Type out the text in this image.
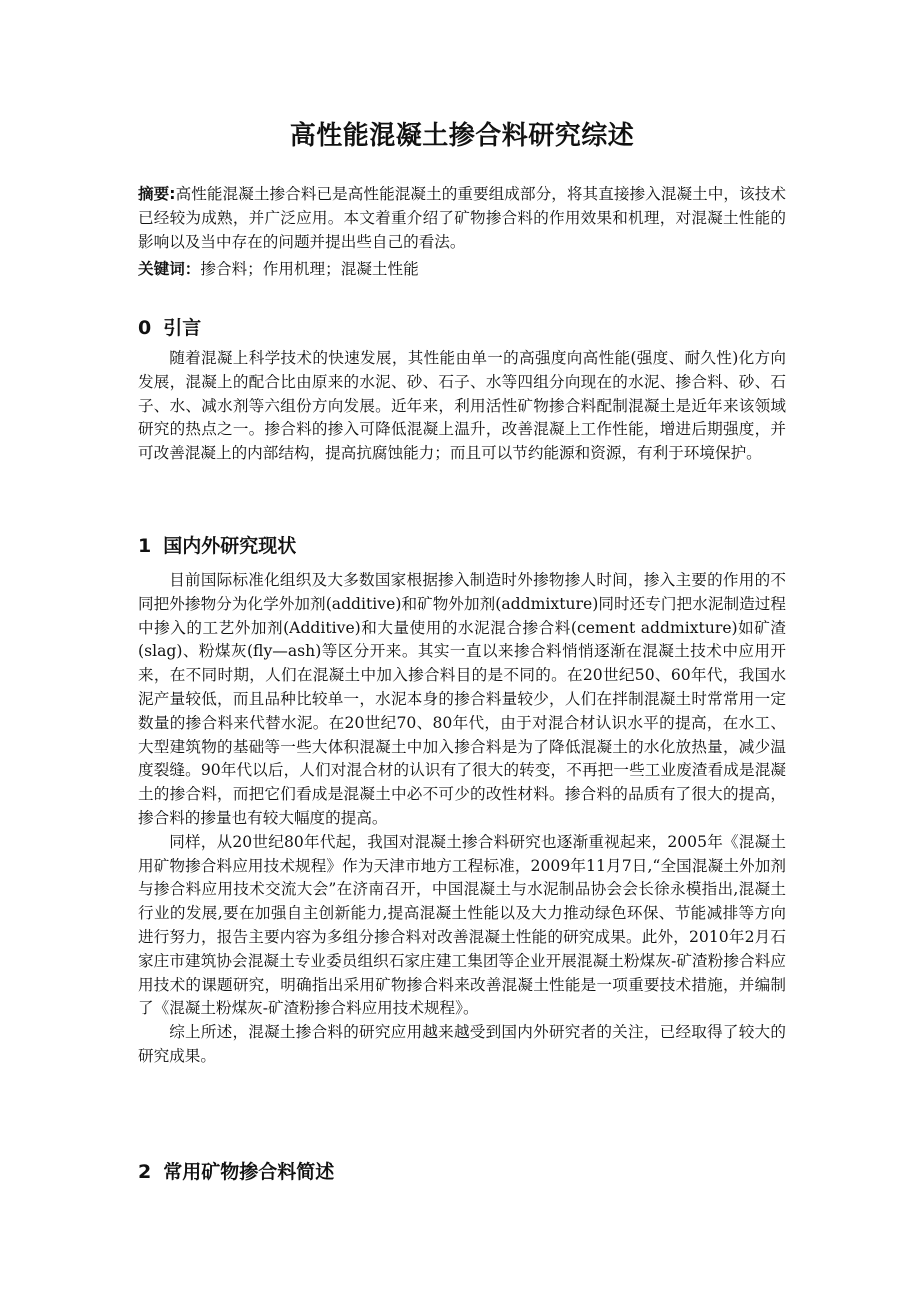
高性能混凝土掺合料研究综述
摘要:高性能混凝土掺合料已是高性能混凝土的重要组成部分，将其直接掺入混凝土中，该技术已经较为成熟，并广泛应用。本文着重介绍了矿物掺合料的作用效果和机理，对混凝土性能的影响以及当中存在的问题并提出些自己的看法。
关键词：掺合料；作用机理；混凝土性能
0 引言

随着混凝上科学技术的快速发展，其性能由单一的高强度向高性能(强度、耐久性)化方向发展，混凝上的配合比由原来的水泥、砂、石子、水等四组分向现在的水泥、掺合料、砂、石子、水、减水剂等六组份方向发展。近年来，利用活性矿物掺合料配制混凝土是近年来该领域研究的热点之一。掺合料的掺入可降低混凝上温升，改善混凝上工作性能，增进后期强度，并可改善混凝上的内部结构，提高抗腐蚀能力；而且可以节约能源和资源，有利于环境保护。

1 国内外研究现状

目前国际标准化组织及大多数国家根据掺入制造时外掺物掺人时间，掺入主要的作用的不同把外掺物分为化学外加剂(additive)和矿物外加剂(addmixture)同时还专门把水泥制造过程中掺入的工艺外加剂(Additive)和大量使用的水泥混合掺合料(cement addmixture)如矿渣(slag)、粉煤灰(fly—ash)等区分开来。其实一直以来掺合料悄悄逐渐在混凝土技术中应用开来，在不同时期，人们在混凝土中加入掺合料目的是不同的。在20世纪50、60年代，我国水泥产量较低，而且品种比较单一，水泥本身的掺合料量较少，人们在拌制混凝土时常常用一定数量的掺合料来代替水泥。在20世纪70、80年代，由于对混合材认识水平的提高，在水工、大型建筑物的基础等一些大体积混凝土中加入掺合料是为了降低混凝土的水化放热量，减少温度裂缝。90年代以后，人们对混合材的认识有了很大的转变，不再把一些工业废渣看成是混凝土的掺合料，而把它们看成是混凝土中必不可少的改性材料。掺合料的品质有了很大的提高，掺合料的掺量也有较大幅度的提高。

同样，从20世纪80年代起，我国对混凝土掺合料研究也逐渐重视起来，2005年《混凝土用矿物掺合料应用技术规程》作为天津市地方工程标准，2009年11月7日,“全国混凝土外加剂与掺合料应用技术交流大会”在济南召开，中国混凝土与水泥制品协会会长徐永模指出,混凝土行业的发展,要在加强自主创新能力,提高混凝土性能以及大力推动绿色环保、节能减排等方向进行努力，报告主要内容为多组分掺合料对改善混凝土性能的研究成果。此外，2010年2月石家庄市建筑协会混凝土专业委员组织石家庄建工集团等企业开展混凝土粉煤灰-矿渣粉掺合料应用技术的课题研究，明确指出采用矿物掺合料来改善混凝土性能是一项重要技术措施，并编制了《混凝土粉煤灰-矿渣粉掺合料应用技术规程》。

综上所述，混凝土掺合料的研究应用越来越受到国内外研究者的关注，已经取得了较大的研究成果。

2 常用矿物掺合料简述
